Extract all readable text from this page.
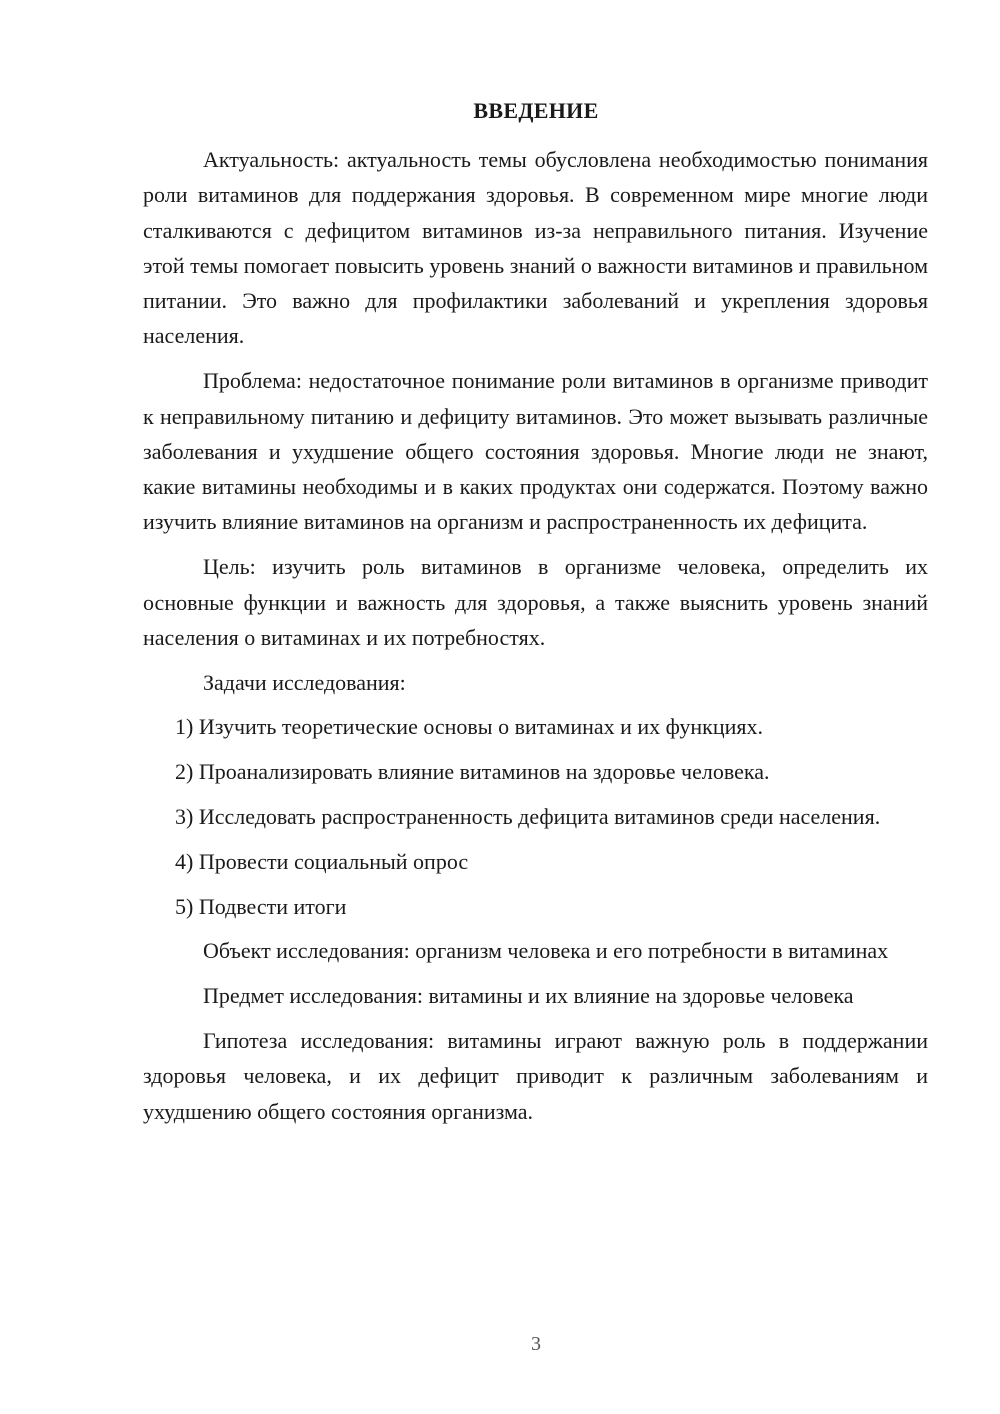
ВВЕДЕНИЕ

Актуальность: актуальность темы обусловлена необходимостью понимания роли витаминов для поддержания здоровья. В современном мире многие люди сталкиваются с дефицитом витаминов из-за неправильного питания. Изучение этой темы помогает повысить уровень знаний о важности витаминов и правильном питании. Это важно для профилактики заболеваний и укрепления здоровья населения.

Проблема: недостаточное понимание роли витаминов в организме приводит к неправильному питанию и дефициту витаминов. Это может вызывать различные заболевания и ухудшение общего состояния здоровья. Многие люди не знают, какие витамины необходимы и в каких продуктах они содержатся. Поэтому важно изучить влияние витаминов на организм и распространенность их дефицита.

Цель: изучить роль витаминов в организме человека, определить их основные функции и важность для здоровья, а также выяснить уровень знаний населения о витаминах и их потребностях.

Задачи исследования:

1) Изучить теоретические основы о витаминах и их функциях.

2) Проанализировать влияние витаминов на здоровье человека.

3) Исследовать распространенность дефицита витаминов среди населения.

4) Провести социальный опрос

5) Подвести итоги

Объект исследования: организм человека и его потребности в витаминах

Предмет исследования: витамины и их влияние на здоровье человека

Гипотеза исследования: витамины играют важную роль в поддержании здоровья человека, и их дефицит приводит к различным заболеваниям и ухудшению общего состояния организма.

3
